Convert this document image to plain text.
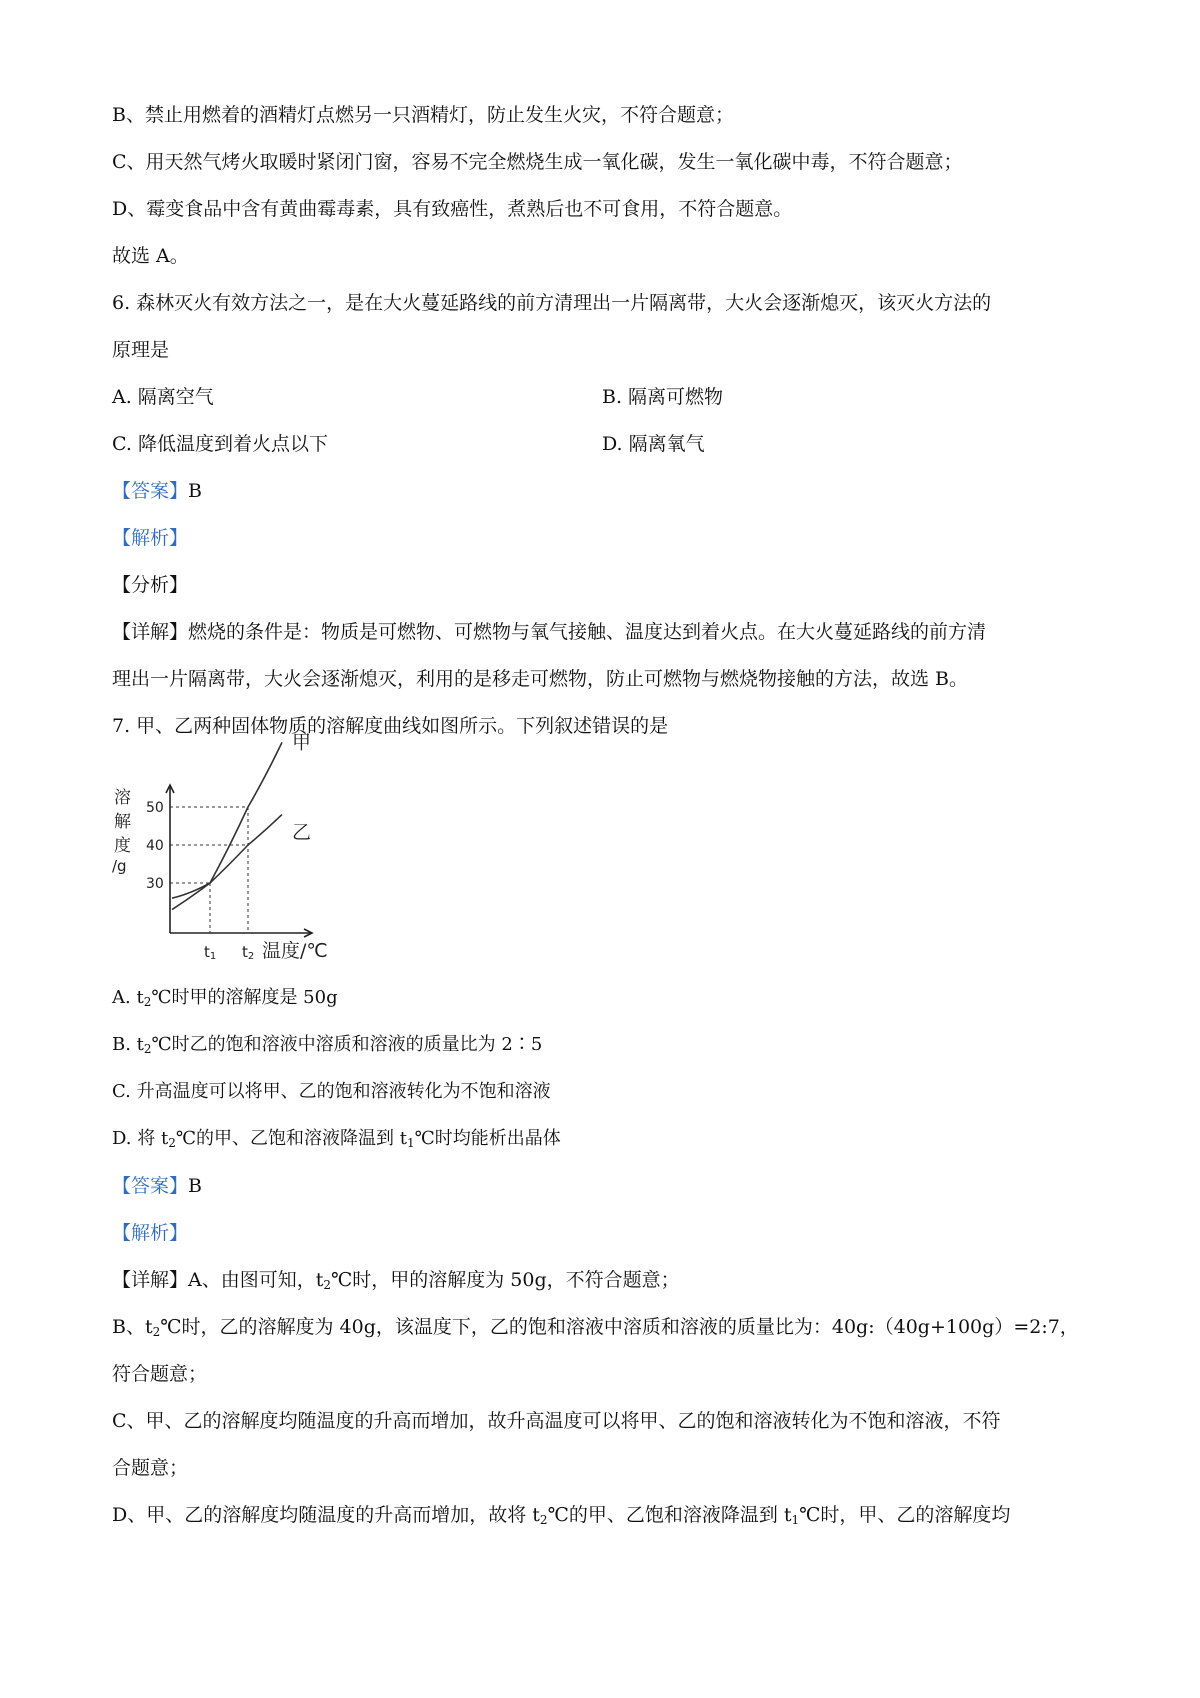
B、禁止用燃着的酒精灯点燃另一只酒精灯，防止发生火灾，不符合题意；
C、用天然气烤火取暖时紧闭门窗，容易不完全燃烧生成一氧化碳，发生一氧化碳中毒，不符合题意；
D、霉变食品中含有黄曲霉毒素，具有致癌性，煮熟后也不可食用，不符合题意。
故选 A。
6. 森林灭火有效方法之一，是在大火蔓延路线的前方清理出一片隔离带，大火会逐渐熄灭，该灭火方法的
原理是
A. 隔离空气	B. 隔离可燃物
C. 降低温度到着火点以下	D. 隔离氧气
【答案】B
【解析】
【分析】
【详解】燃烧的条件是：物质是可燃物、可燃物与氧气接触、温度达到着火点。在大火蔓延路线的前方清
理出一片隔离带，大火会逐渐熄灭，利用的是移走可燃物，防止可燃物与燃烧物接触的方法，故选 B。
7. 甲、乙两种固体物质的溶解度曲线如图所示。下列叙述错误的是
溶
解
度
/g
30
40
50
甲
乙
t1 t2 温度/℃
A. $t_2℃$时甲的溶解度是 50g
B. $t_2℃$时乙的饱和溶液中溶质和溶液的质量比为 2∶5
C. 升高温度可以将甲、乙的饱和溶液转化为不饱和溶液
D. 将 $t_2℃$的甲、乙饱和溶液降温到 $t_1℃$时均能析出晶体
【答案】B
【解析】
【详解】A、由图可知，$t_2℃$时，甲的溶解度为 50g，不符合题意；
B、$t_2℃$时，乙的溶解度为 40g，该温度下，乙的饱和溶液中溶质和溶液的质量比为：40g:（40g+100g）=2:7，
符合题意；
C、甲、乙的溶解度均随温度的升高而增加，故升高温度可以将甲、乙的饱和溶液转化为不饱和溶液，不符
合题意；
D、甲、乙的溶解度均随温度的升高而增加，故将 $t_2℃$的甲、乙饱和溶液降温到 $t_1℃$时，甲、乙的溶解度均
